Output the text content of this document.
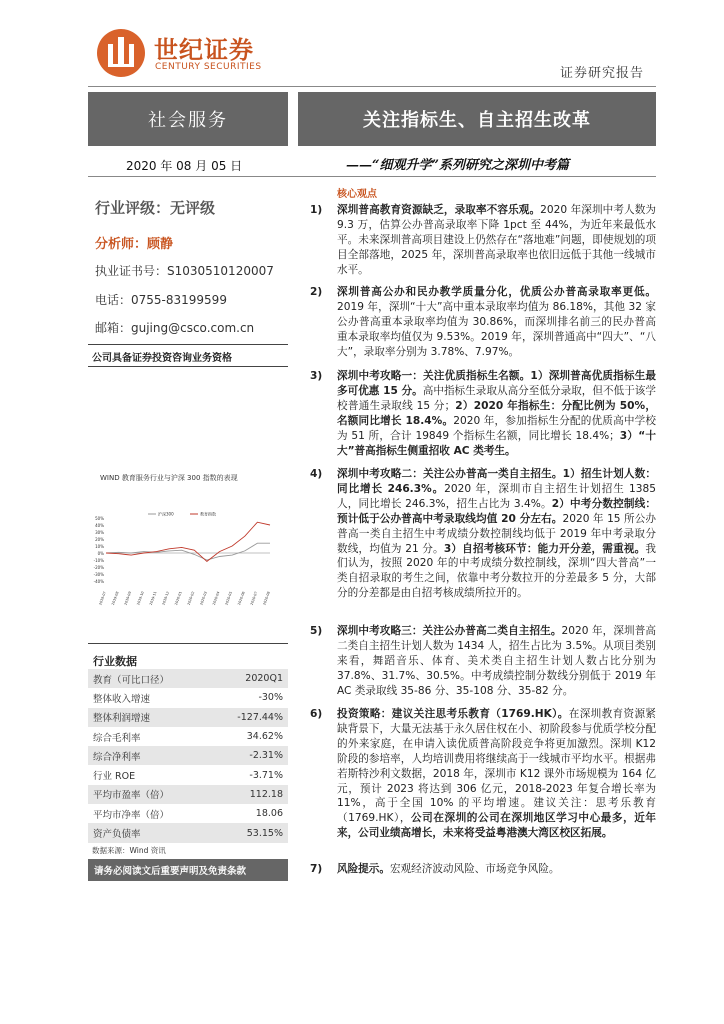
世纪证券
CENTURY SECURITIES	证券研究报告
社会服务	关注指标生、自主招生改革
2020 年 08 月 05 日	——“细观升学”系列研究之深圳中考篇
行业评级：无评级
分析师：顾静
执业证书号：S1030510120007
电话：0755-83199599
邮箱：gujing@csco.com.cn
公司具备证券投资咨询业务资格
WIND 教育服务行业与沪深 300 指数的表现
50%
40%
30%
20%
10%
0%
-10%
-20%
-30%
-40%
2019-07 2019-08 2019-09 2019-10 2019-11 2019-12 2020-01 2020-02 2020-03 2020-04 2020-05 2020-06 2020-07 2020-08
沪深300	教育指数
行业数据
教育（可比口径）	2020Q1
整体收入增速	-30%
整体利润增速	-127.44%
综合毛利率	34.62%
综合净利率	-2.31%
行业 ROE	-3.71%
平均市盈率（倍）	112.18
平均市净率（倍）	18.06
资产负债率	53.15%
数据来源：Wind 资讯
请务必阅读文后重要声明及免责条款
核心观点
1) 深圳普高教育资源缺乏，录取率不容乐观。2020 年深圳中考人数为 9.3 万，估算公办普高录取率下降 1pct 至 44%，为近年来最低水平。未来深圳普高项目建设上仍然存在“落地难”问题，即使规划的项目全部落地，2025 年，深圳普高录取率也依旧远低于其他一线城市水平。
2) 深圳普高公办和民办教学质量分化，优质公办普高录取率更低。2019 年，深圳“十大”高中重本录取率均值为 86.18%，其他 32 家公办普高重本录取率均值为 30.86%，而深圳排名前三的民办普高重本录取率均值仅为 9.53%。2019 年，深圳普通高中“四大”、“八大”，录取率分别为 3.78%、7.97%。
3) 深圳中考攻略一：关注优质指标生名额。1）深圳普高优质指标生最多可优惠 15 分。高中指标生录取从高分至低分录取，但不低于该学校普通生录取线 15 分；2）2020 年指标生：分配比例为 50%，名额同比增长 18.4%。2020 年，参加指标生分配的优质高中学校为 51 所，合计 19849 个指标生名额，同比增长 18.4%；3）“十大”普高指标生侧重招收 AC 类考生。
4) 深圳中考攻略二：关注公办普高一类自主招生。1）招生计划人数：同比增长 246.3%。2020 年，深圳市自主招生计划招生 1385 人，同比增长 246.3%，招生占比为 3.4%。2）中考分数控制线：预计低于公办普高中考录取线均值 20 分左右。2020 年 15 所公办普高一类自主招生中考成绩分数控制线均低于 2019 年中考录取分数线，均值为 21 分。3）自招考核环节：能力开分差，需重视。我们认为，按照 2020 年的中考成绩分数控制线，深圳“四大普高”一类自招录取的考生之间，依靠中考分数拉开的分差最多 5 分，大部分的分差都是由自招考核成绩所拉开的。
5) 深圳中考攻略三：关注公办普高二类自主招生。2020 年，深圳普高二类自主招生计划人数为 1434 人，招生占比为 3.5%。从项目类别来看，舞蹈音乐、体育、美术类自主招生计划人数占比分别为 37.8%、31.7%、30.5%。中考成绩控制分数线分别低于 2019 年 AC 类录取线 35-86 分、35-108 分、35-82 分。
6) 投资策略：建议关注思考乐教育（1769.HK）。在深圳教育资源紧缺背景下，大量无法基于永久居住权在小、初阶段参与优质学校分配的外来家庭，在申请入读优质普高阶段竞争将更加激烈。深圳 K12 阶段的参培率，人均培训费用将继续高于一线城市平均水平。根据弗若斯特沙利文数据，2018 年，深圳市 K12 课外市场规模为 164 亿元，预计 2023 将达到 306 亿元，2018-2023 年复合增长率为 11%，高于全国 10% 的平均增速。建议关注：思考乐教育（1769.HK），公司在深圳的公司在深圳地区学习中心最多，近年来，公司业绩高增长，未来将受益粤港澳大湾区校区拓展。
7) 风险提示。宏观经济波动风险、市场竞争风险。
